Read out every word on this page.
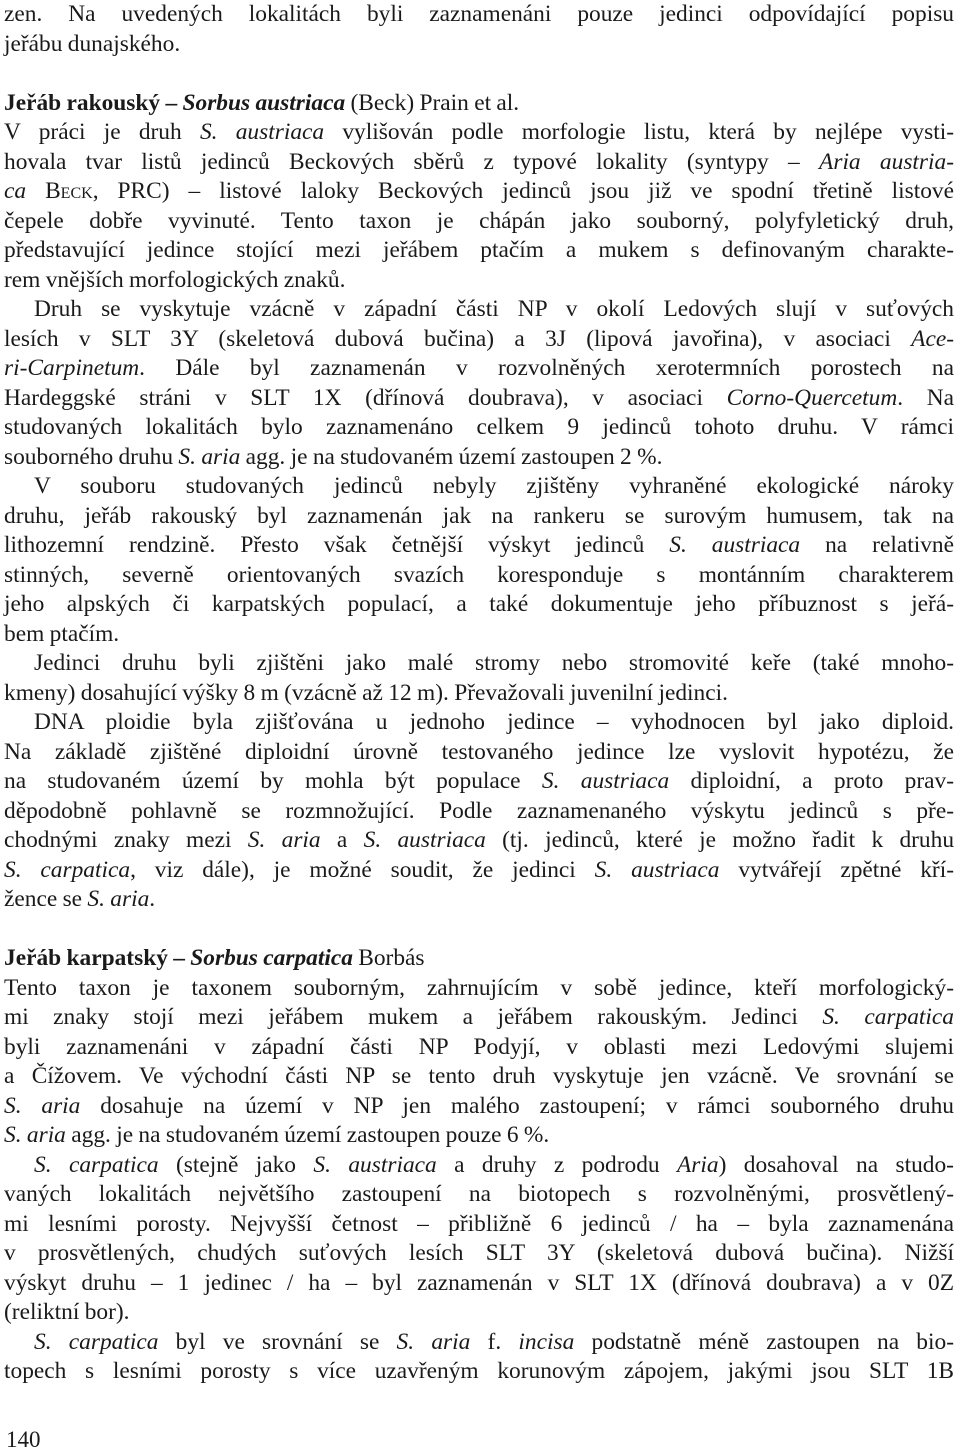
zen. Na uvedených lokalitách byli zaznamenáni pouze jedinci odpovídající popisu
jeřábu dunajského.
Jeřáb rakouský – Sorbus austriaca (Beck) Prain et al.
V práci je druh S. austriaca vylišován podle morfologie listu, která by nejlépe vysti-
hovala tvar listů jedinců Beckových sběrů z typové lokality (syntypy – Aria austria-
ca Beck, PRC) – listové laloky Beckových jedinců jsou již ve spodní třetině listové
čepele dobře vyvinuté. Tento taxon je chápán jako souborný, polyfyletický druh,
představující jedince stojící mezi jeřábem ptačím a mukem s definovaným charakte-
rem vnějších morfologických znaků.
Druh se vyskytuje vzácně v západní části NP v okolí Ledových slují v suťových
lesích v SLT 3Y (skeletová dubová bučina) a 3J (lipová javořina), v asociaci Ace-
ri-Carpinetum. Dále byl zaznamenán v rozvolněných xerotermních porostech na
Hardeggské stráni v SLT 1X (dřínová doubrava), v asociaci Corno-Quercetum. Na
studovaných lokalitách bylo zaznamenáno celkem 9 jedinců tohoto druhu. V rámci
souborného druhu S. aria agg. je na studovaném území zastoupen 2 %.
V souboru studovaných jedinců nebyly zjištěny vyhraněné ekologické nároky
druhu, jeřáb rakouský byl zaznamenán jak na rankeru se surovým humusem, tak na
lithozemní rendzině. Přesto však četnější výskyt jedinců S. austriaca na relativně
stinných, severně orientovaných svazích koresponduje s montánním charakterem
jeho alpských či karpatských populací, a také dokumentuje jeho příbuznost s jeřá-
bem ptačím.
Jedinci druhu byli zjištěni jako malé stromy nebo stromovité keře (také mnoho-
kmeny) dosahující výšky 8 m (vzácně až 12 m). Převažovali juvenilní jedinci.
DNA ploidie byla zjišťována u jednoho jedince – vyhodnocen byl jako diploid.
Na základě zjištěné diploidní úrovně testovaného jedince lze vyslovit hypotézu, že
na studovaném území by mohla být populace S. austriaca diploidní, a proto prav-
děpodobně pohlavně se rozmnožující. Podle zaznamenaného výskytu jedinců s pře-
chodnými znaky mezi S. aria a S. austriaca (tj. jedinců, které je možno řadit k druhu
S. carpatica, viz dále), je možné soudit, že jedinci S. austriaca vytvářejí zpětné kří-
žence se S. aria.
Jeřáb karpatský – Sorbus carpatica Borbás
Tento taxon je taxonem souborným, zahrnujícím v sobě jedince, kteří morfologický-
mi znaky stojí mezi jeřábem mukem a jeřábem rakouským. Jedinci S. carpatica
byli zaznamenáni v západní části NP Podyjí, v oblasti mezi Ledovými slujemi
a Čížovem. Ve východní části NP se tento druh vyskytuje jen vzácně. Ve srovnání se
S. aria dosahuje na území v NP jen malého zastoupení; v rámci souborného druhu
S. aria agg. je na studovaném území zastoupen pouze 6 %.
S. carpatica (stejně jako S. austriaca a druhy z podrodu Aria) dosahoval na studo-
vaných lokalitách největšího zastoupení na biotopech s rozvolněnými, prosvětlený-
mi lesními porosty. Nejvyšší četnost – přibližně 6 jedinců / ha – byla zaznamenána
v prosvětlených, chudých suťových lesích SLT 3Y (skeletová dubová bučina). Nižší
výskyt druhu – 1 jedinec / ha – byl zaznamenán v SLT 1X (dřínová doubrava) a v 0Z
(reliktní bor).
S. carpatica byl ve srovnání se S. aria f. incisa podstatně méně zastoupen na bio-
topech s lesními porosty s více uzavřeným korunovým zápojem, jakými jsou SLT 1B
140
